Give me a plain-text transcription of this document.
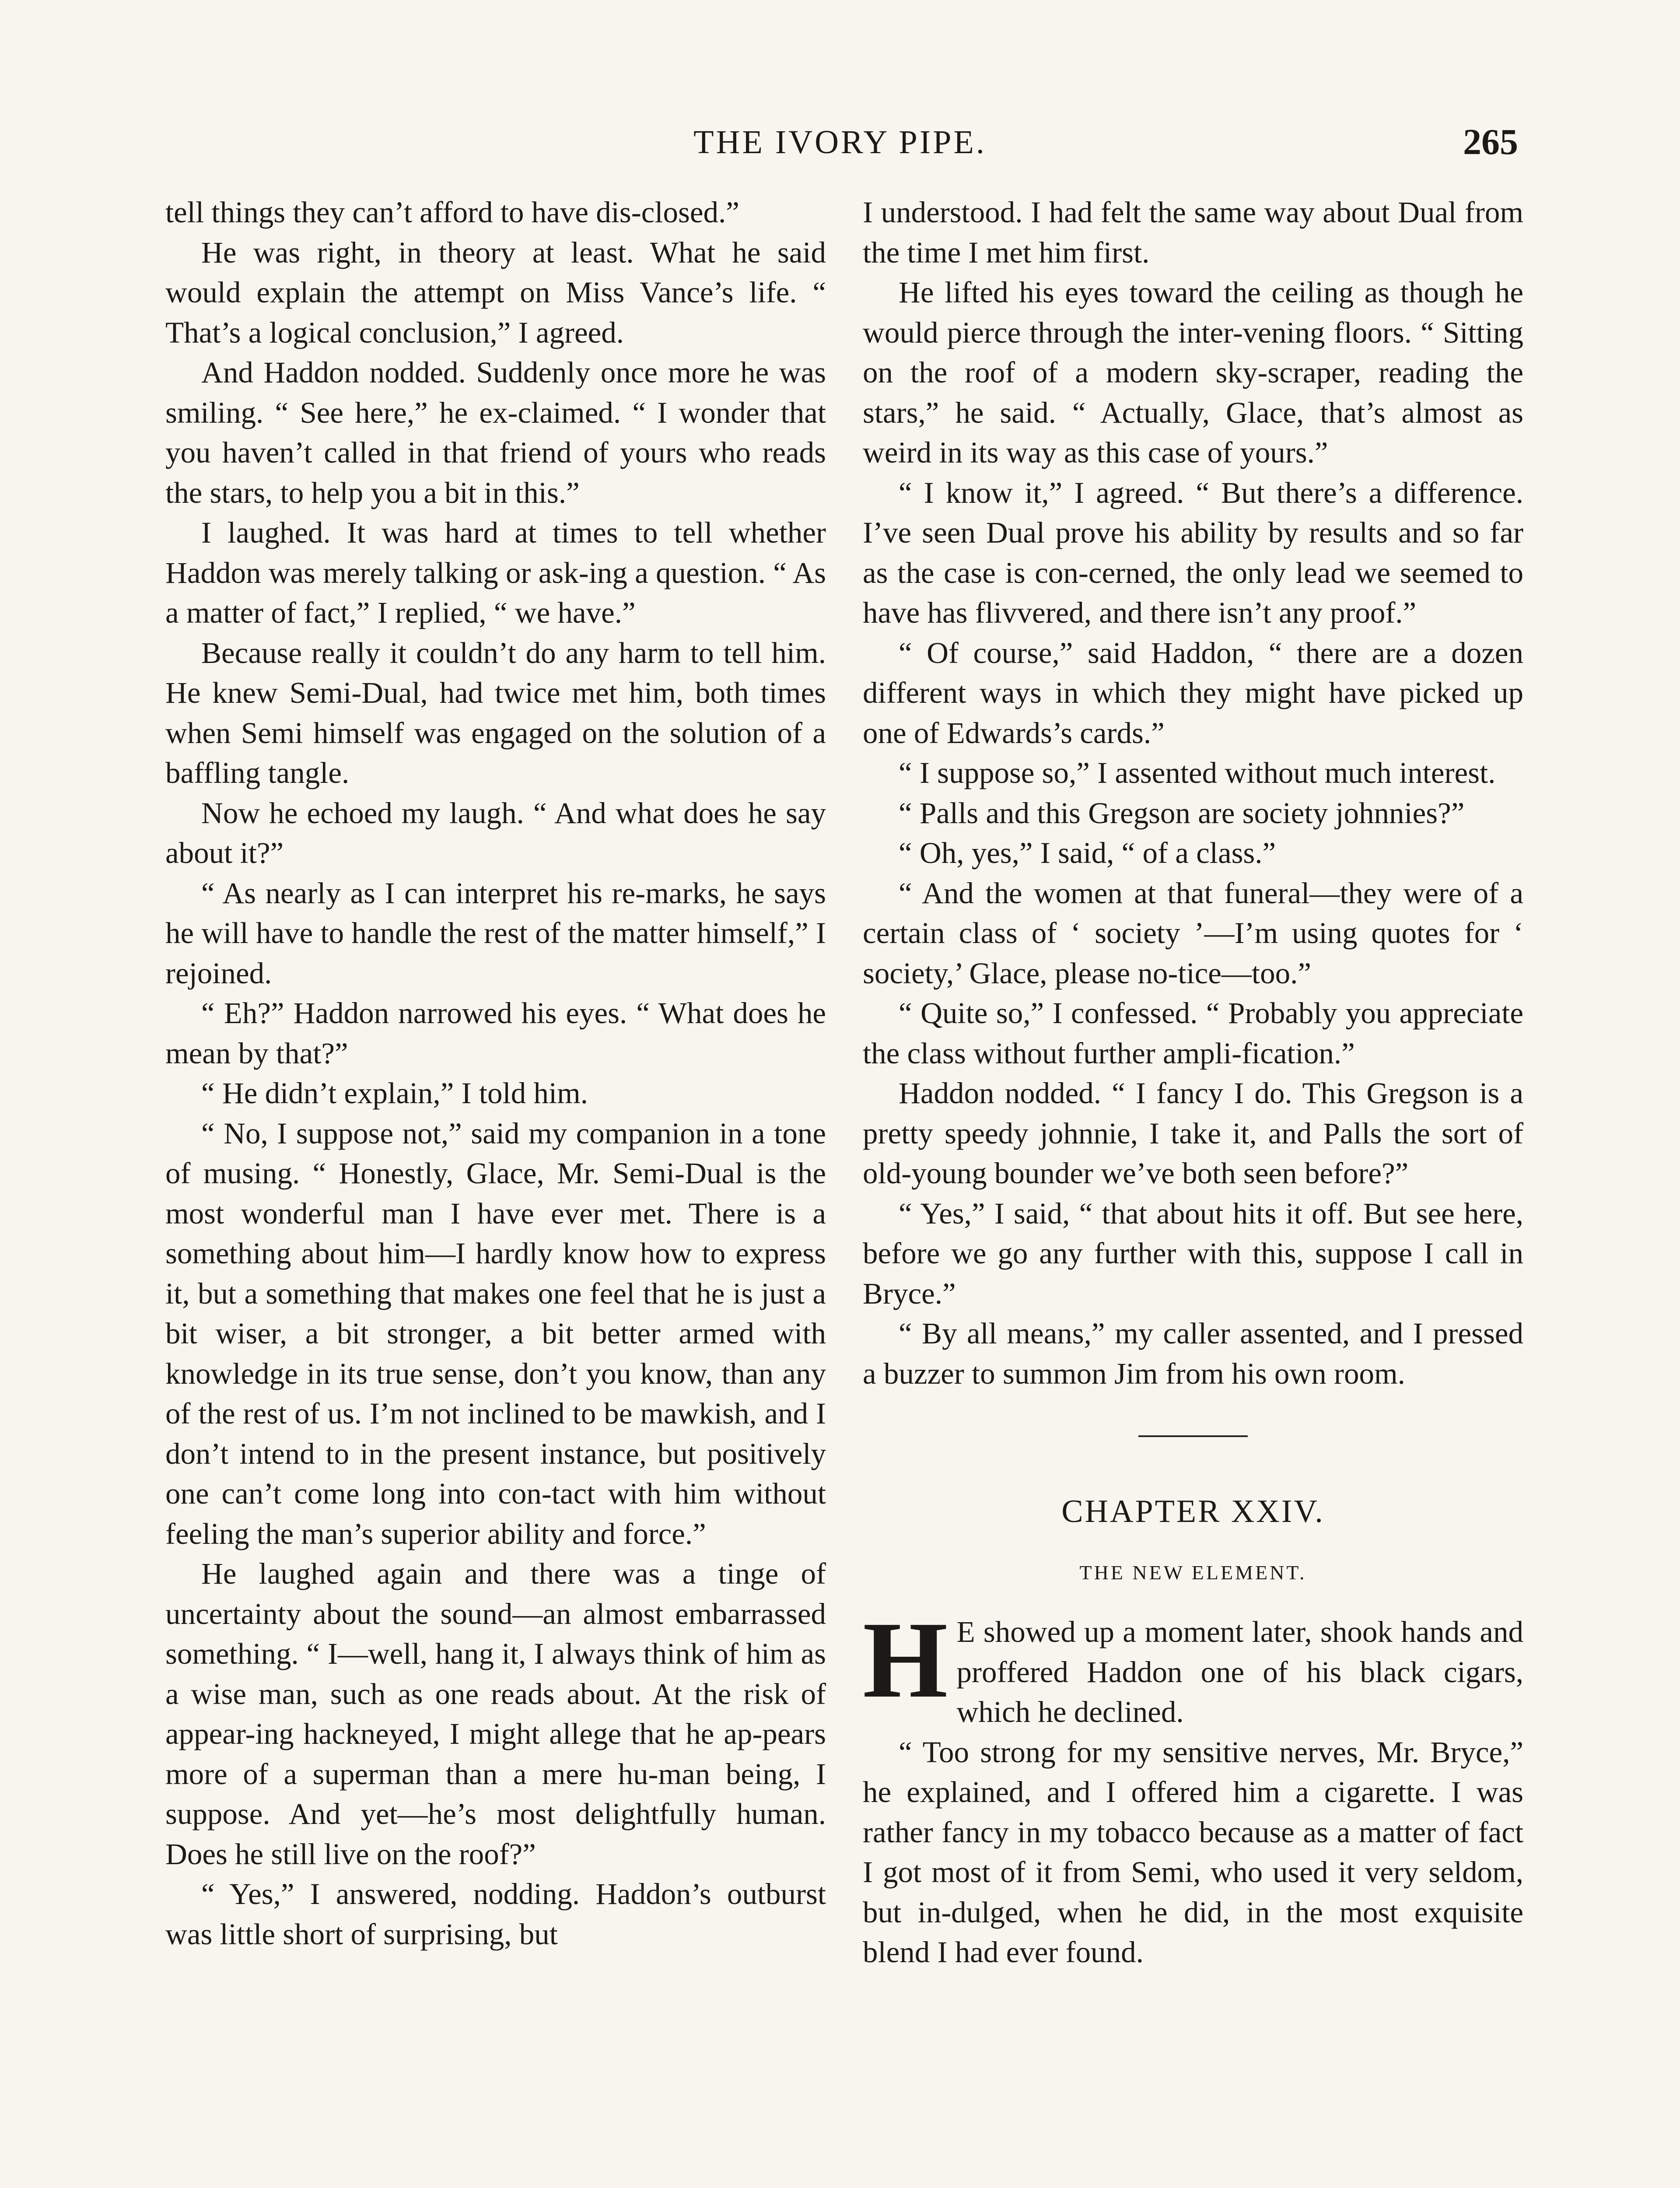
THE IVORY PIPE.	265

tell things they can’t afford to have dis-closed.”

He was right, in theory at least. What he said would explain the attempt on Miss Vance’s life. “ That’s a logical conclusion,” I agreed.

And Haddon nodded. Suddenly once more he was smiling. “ See here,” he ex-claimed. “ I wonder that you haven’t called in that friend of yours who reads the stars, to help you a bit in this.”

I laughed. It was hard at times to tell whether Haddon was merely talking or ask-ing a question. “ As a matter of fact,” I replied, “ we have.”

Because really it couldn’t do any harm to tell him. He knew Semi-Dual, had twice met him, both times when Semi himself was engaged on the solution of a baffling tangle.

Now he echoed my laugh. “ And what does he say about it?”

“ As nearly as I can interpret his re-marks, he says he will have to handle the rest of the matter himself,” I rejoined.

“ Eh?” Haddon narrowed his eyes. “ What does he mean by that?”

“ He didn’t explain,” I told him.

“ No, I suppose not,” said my companion in a tone of musing. “ Honestly, Glace, Mr. Semi-Dual is the most wonderful man I have ever met. There is a something about him—I hardly know how to express it, but a something that makes one feel that he is just a bit wiser, a bit stronger, a bit better armed with knowledge in its true sense, don’t you know, than any of the rest of us. I’m not inclined to be mawkish, and I don’t intend to in the present instance, but positively one can’t come long into con-tact with him without feeling the man’s superior ability and force.”

He laughed again and there was a tinge of uncertainty about the sound—an almost embarrassed something. “ I—well, hang it, I always think of him as a wise man, such as one reads about. At the risk of appear-ing hackneyed, I might allege that he ap-pears more of a superman than a mere hu-man being, I suppose. And yet—he’s most delightfully human. Does he still live on the roof?”

“ Yes,” I answered, nodding. Haddon’s outburst was little short of surprising, but

I understood. I had felt the same way about Dual from the time I met him first.

He lifted his eyes toward the ceiling as though he would pierce through the inter-vening floors. “ Sitting on the roof of a modern sky-scraper, reading the stars,” he said. “ Actually, Glace, that’s almost as weird in its way as this case of yours.”

“ I know it,” I agreed. “ But there’s a difference. I’ve seen Dual prove his ability by results and so far as the case is con-cerned, the only lead we seemed to have has flivvered, and there isn’t any proof.”

“ Of course,” said Haddon, “ there are a dozen different ways in which they might have picked up one of Edwards’s cards.”

“ I suppose so,” I assented without much interest.

“ Palls and this Gregson are society johnnies?”

“ Oh, yes,” I said, “ of a class.”

“ And the women at that funeral—they were of a certain class of ‘ society ’—I’m using quotes for ‘ society,’ Glace, please no-tice—too.”

“ Quite so,” I confessed. “ Probably you appreciate the class without further ampli-fication.”

Haddon nodded. “ I fancy I do. This Gregson is a pretty speedy johnnie, I take it, and Palls the sort of old-young bounder we’ve both seen before?”

“ Yes,” I said, “ that about hits it off. But see here, before we go any further with this, suppose I call in Bryce.”

“ By all means,” my caller assented, and I pressed a buzzer to summon Jim from his own room.

CHAPTER XXIV.
THE NEW ELEMENT.

H E showed up a moment later, shook hands and proffered Haddon one of his black cigars, which he declined.

“ Too strong for my sensitive nerves, Mr. Bryce,” he explained, and I offered him a cigarette. I was rather fancy in my tobacco because as a matter of fact I got most of it from Semi, who used it very seldom, but in-dulged, when he did, in the most exquisite blend I had ever found.
